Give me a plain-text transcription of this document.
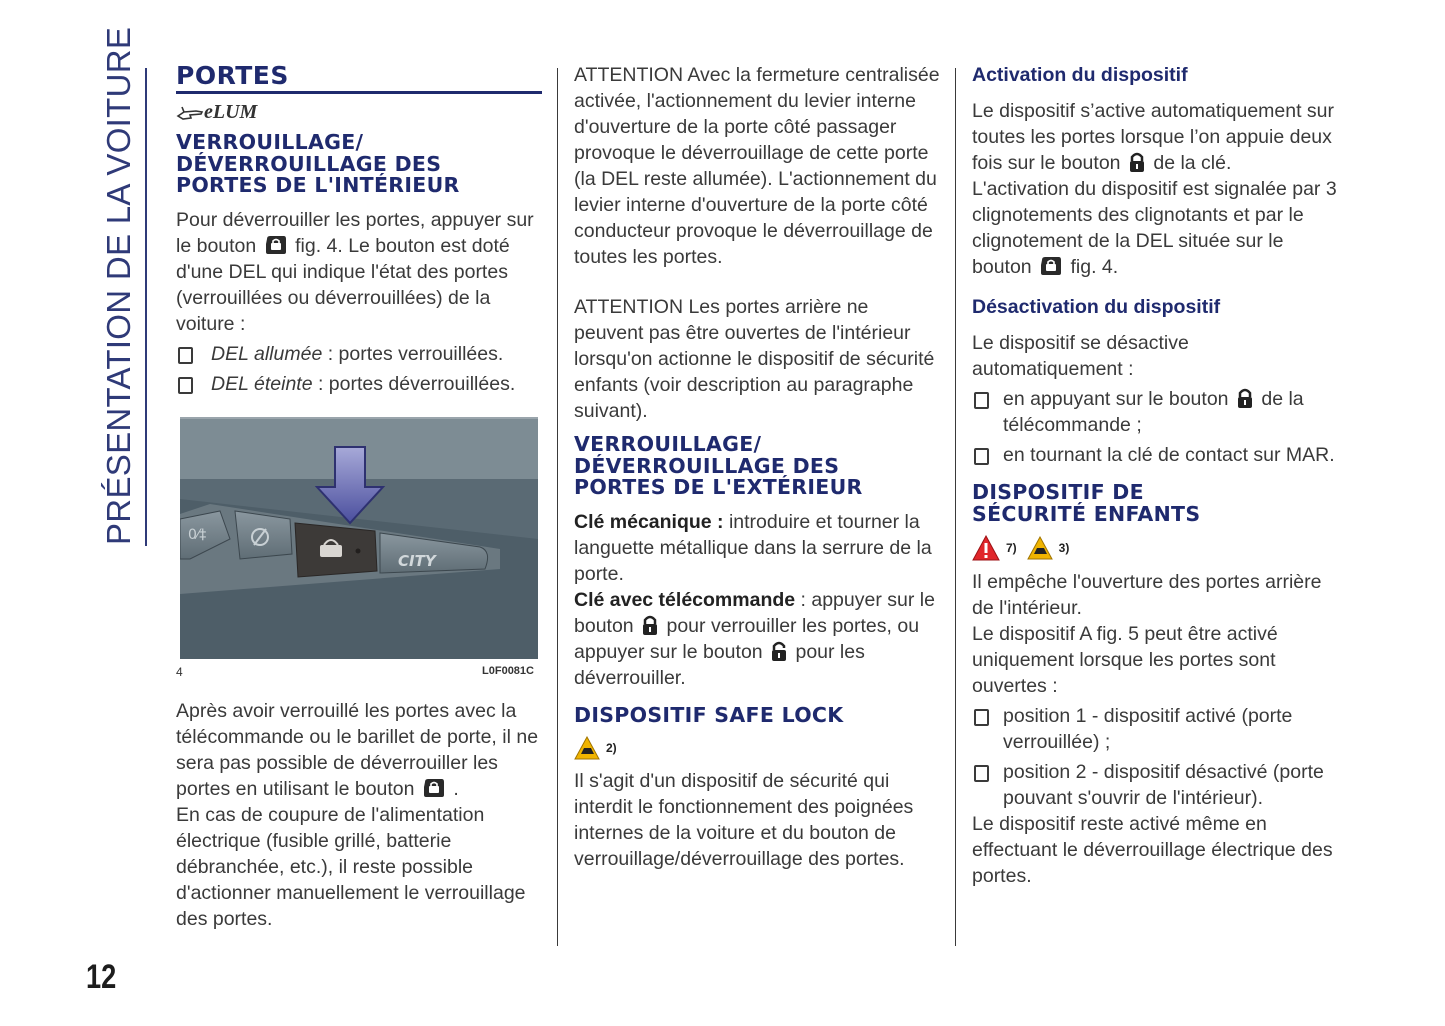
PRÉSENTATION DE LA VOITURE
12
PORTES
eLUM
VERROUILLAGE/
DÉVERROUILLAGE DES
PORTES DE L'INTÉRIEUR

Pour déverrouiller les portes, appuyer sur le bouton fig. 4. Le bouton est doté d'une DEL qui indique l'état des portes (verrouillées ou déverrouillées) de la voiture :

DEL allumée : portes verrouillées.

DEL éteinte : portes déverrouillées.

0⁄‡
CITY
4	L0F0081C

Après avoir verrouillé les portes avec la télécommande ou le barillet de porte, il ne sera pas possible de déverrouiller les portes en utilisant le bouton .

En cas de coupure de l'alimentation électrique (fusible grillé, batterie débranchée, etc.), il reste possible d'actionner manuellement le verrouillage des portes.

ATTENTION Avec la fermeture centralisée activée, l'actionnement du levier interne d'ouverture de la porte côté passager provoque le déverrouillage de cette porte (la DEL reste allumée). L'actionnement du levier interne d'ouverture de la porte côté conducteur provoque le déverrouillage de toutes les portes.

ATTENTION Les portes arrière ne peuvent pas être ouvertes de l'intérieur lorsqu'on actionne le dispositif de sécurité enfants (voir description au paragraphe suivant).

VERROUILLAGE/
DÉVERROUILLAGE DES
PORTES DE L'EXTÉRIEUR

Clé mécanique : introduire et tourner la languette métallique dans la serrure de la porte.

Clé avec télécommande : appuyer sur le bouton  pour verrouiller les portes, ou appuyer sur le bouton  pour les déverrouiller.

DISPOSITIF SAFE LOCK
2)

Il s'agit d'un dispositif de sécurité qui interdit le fonctionnement des poignées internes de la voiture et du bouton de verrouillage/déverrouillage des portes.

Activation du dispositif

Le dispositif s’active automatiquement sur toutes les portes lorsque l’on appuie deux fois sur le bouton  de la clé.

L'activation du dispositif est signalée par 3 clignotements des clignotants et par le clignotement de la DEL située sur le bouton  fig. 4.

Désactivation du dispositif

Le dispositif se désactive automatiquement :

en appuyant sur le bouton  de la télécommande ;

en tournant la clé de contact sur MAR.

DISPOSITIF DE
SÉCURITÉ ENFANTS
7)	3)

Il empêche l'ouverture des portes arrière de l'intérieur.

Le dispositif A fig. 5 peut être activé uniquement lorsque les portes sont ouvertes :

position 1 - dispositif activé (porte verrouillée) ;

position 2 - dispositif désactivé (porte pouvant s'ouvrir de l'intérieur).

Le dispositif reste activé même en effectuant le déverrouillage électrique des portes.
